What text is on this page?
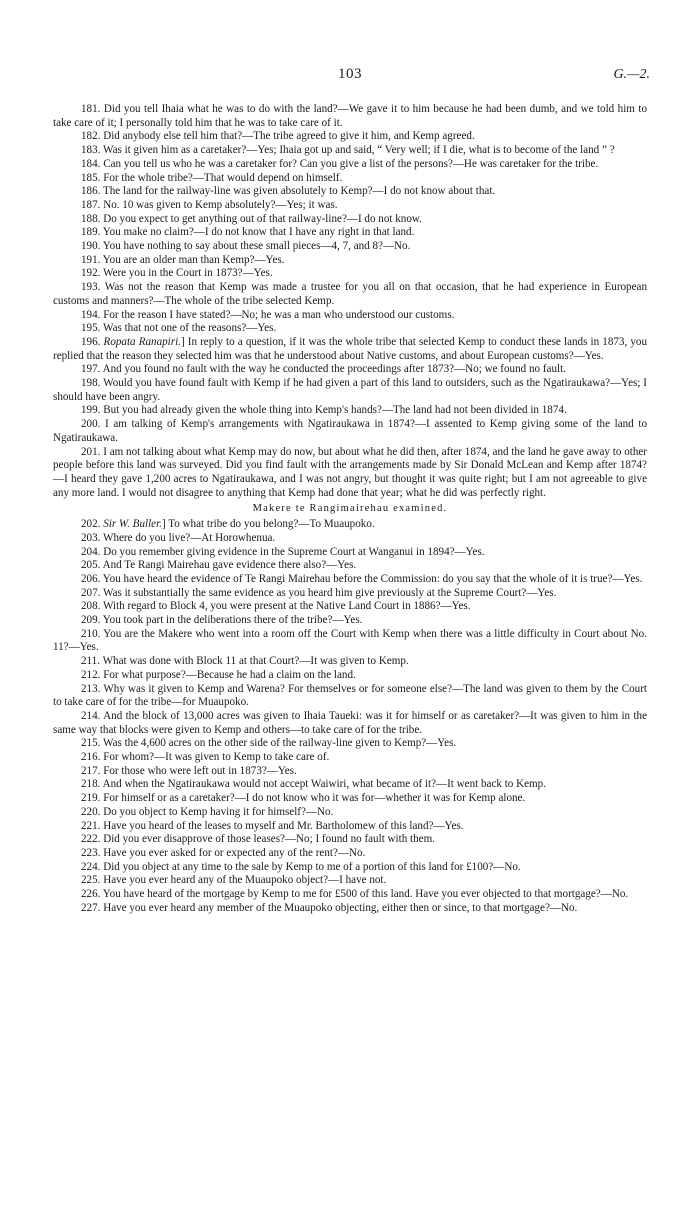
103	G.—2.

181. Did you tell Ihaia what he was to do with the land?—We gave it to him because he had been dumb, and we told him to take care of it; I personally told him that he was to take care of it.

182. Did anybody else tell him that?—The tribe agreed to give it him, and Kemp agreed.

183. Was it given him as a caretaker?—Yes; Ihaia got up and said, “ Very well; if I die, what is to become of the land ” ?

184. Can you tell us who he was a caretaker for? Can you give a list of the persons?—He was caretaker for the tribe.

185. For the whole tribe?—That would depend on himself.

186. The land for the railway-line was given absolutely to Kemp?—I do not know about that.

187. No. 10 was given to Kemp absolutely?—Yes; it was.

188. Do you expect to get anything out of that railway-line?—I do not know.

189. You make no claim?—I do not know that I have any right in that land.

190. You have nothing to say about these small pieces—4, 7, and 8?—No.

191. You are an older man than Kemp?—Yes.

192. Were you in the Court in 1873?—Yes.

193. Was not the reason that Kemp was made a trustee for you all on that occasion, that he had experience in European customs and manners?—The whole of the tribe selected Kemp.

194. For the reason I have stated?—No; he was a man who understood our customs.

195. Was that not one of the reasons?—Yes.

196. Ropata Ranapiri.] In reply to a question, if it was the whole tribe that selected Kemp to conduct these lands in 1873, you replied that the reason they selected him was that he understood about Native customs, and about European customs?—Yes.

197. And you found no fault with the way he conducted the proceedings after 1873?—No; we found no fault.

198. Would you have found fault with Kemp if he had given a part of this land to outsiders, such as the Ngatiraukawa?—Yes; I should have been angry.

199. But you had already given the whole thing into Kemp's hands?—The land had not been divided in 1874.

200. I am talking of Kemp's arrangements with Ngatiraukawa in 1874?—I assented to Kemp giving some of the land to Ngatiraukawa.

201. I am not talking about what Kemp may do now, but about what he did then, after 1874, and the land he gave away to other people before this land was surveyed. Did you find fault with the arrangements made by Sir Donald McLean and Kemp after 1874?—I heard they gave 1,200 acres to Ngatiraukawa, and I was not angry, but thought it was quite right; but I am not agreeable to give any more land. I would not disagree to anything that Kemp had done that year; what he did was perfectly right.

Makere te Rangimairehau examined.

202. Sir W. Buller.] To what tribe do you belong?—To Muaupoko.

203. Where do you live?—At Horowhenua.

204. Do you remember giving evidence in the Supreme Court at Wanganui in 1894?—Yes.

205. And Te Rangi Mairehau gave evidence there also?—Yes.

206. You have heard the evidence of Te Rangi Mairehau before the Commission: do you say that the whole of it is true?—Yes.

207. Was it substantially the same evidence as you heard him give previously at the Supreme Court?—Yes.

208. With regard to Block 4, you were present at the Native Land Court in 1886?—Yes.

209. You took part in the deliberations there of the tribe?—Yes.

210. You are the Makere who went into a room off the Court with Kemp when there was a little difficulty in Court about No. 11?—Yes.

211. What was done with Block 11 at that Court?—It was given to Kemp.

212. For what purpose?—Because he had a claim on the land.

213. Why was it given to Kemp and Warena? For themselves or for someone else?—The land was given to them by the Court to take care of for the tribe—for Muaupoko.

214. And the block of 13,000 acres was given to Ihaia Taueki: was it for himself or as caretaker?—It was given to him in the same way that blocks were given to Kemp and others—to take care of for the tribe.

215. Was the 4,600 acres on the other side of the railway-line given to Kemp?—Yes.

216. For whom?—It was given to Kemp to take care of.

217. For those who were left out in 1873?—Yes.

218. And when the Ngatiraukawa would not accept Waiwiri, what became of it?—It went back to Kemp.

219. For himself or as a caretaker?—I do not know who it was for—whether it was for Kemp alone.

220. Do you object to Kemp having it for himself?—No.

221. Have you heard of the leases to myself and Mr. Bartholomew of this land?—Yes.

222. Did you ever disapprove of those leases?—No; I found no fault with them.

223. Have you ever asked for or expected any of the rent?—No.

224. Did you object at any time to the sale by Kemp to me of a portion of this land for £100?—No.

225. Have you ever heard any of the Muaupoko object?—I have not.

226. You have heard of the mortgage by Kemp to me for £500 of this land. Have you ever objected to that mortgage?—No.

227. Have you ever heard any member of the Muaupoko objecting, either then or since, to that mortgage?—No.
